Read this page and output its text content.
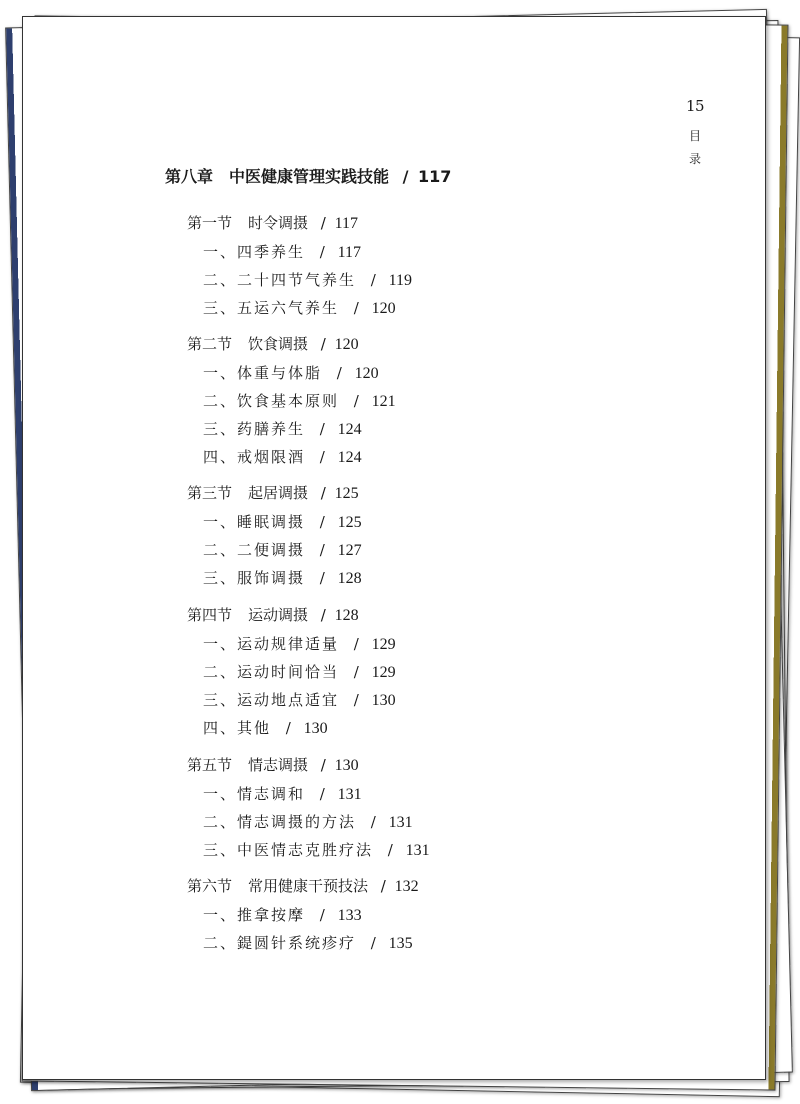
15
目
录
第八章 中医健康管理实践技能 / 117
第一节 时令调摄 / 117
一、四季养生 / 117
二、二十四节气养生 / 119
三、五运六气养生 / 120
第二节 饮食调摄 / 120
一、体重与体脂 / 120
二、饮食基本原则 / 121
三、药膳养生 / 124
四、戒烟限酒 / 124
第三节 起居调摄 / 125
一、睡眠调摄 / 125
二、二便调摄 / 127
三、服饰调摄 / 128
第四节 运动调摄 / 128
一、运动规律适量 / 129
二、运动时间恰当 / 129
三、运动地点适宜 / 130
四、其他 / 130
第五节 情志调摄 / 130
一、情志调和 / 131
二、情志调摄的方法 / 131
三、中医情志克胜疗法 / 131
第六节 常用健康干预技法 / 132
一、推拿按摩 / 133
二、鍉圆针系统疹疗 / 135
